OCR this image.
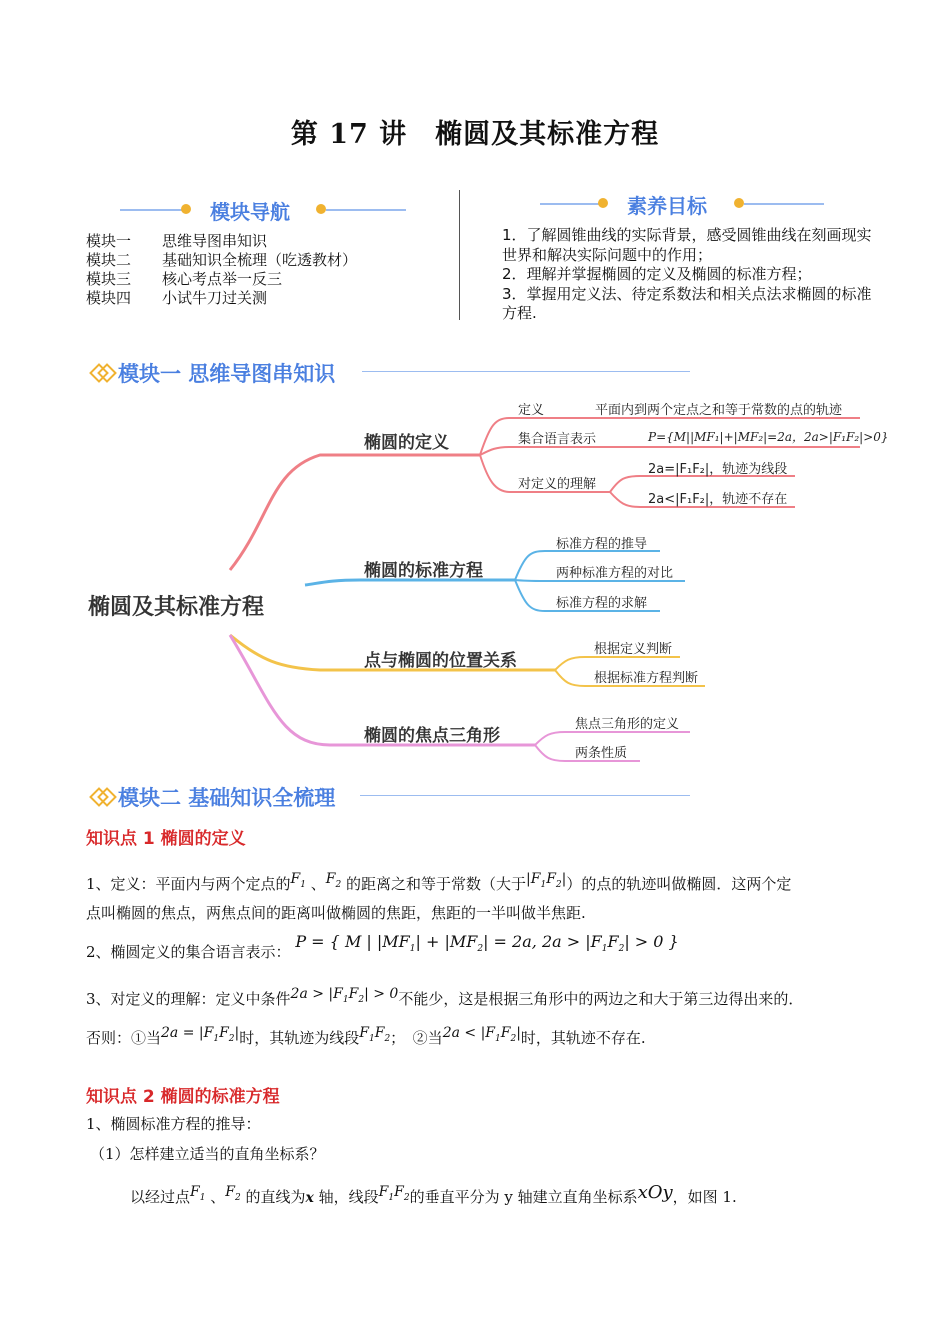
第 17 讲　椭圆及其标准方程
模块导航
模块一 思维导图串知识
模块二 基础知识全梳理（吃透教材）
模块三 核心考点举一反三
模块四 小试牛刀过关测
素养目标
1．了解圆锥曲线的实际背景，感受圆锥曲线在刻画现实世界和解决实际问题中的作用；
2．理解并掌握椭圆的定义及椭圆的标准方程；
3．掌握用定义法、待定系数法和相关点法求椭圆的标准方程.
模块一 思维导图串知识
椭圆及其标准方程
椭圆的定义
定义	平面内到两个定点之和等于常数的点的轨迹
集合语言表示	P={M||MF₁|+|MF₂|=2a，2a>|F₁F₂|>0}
对定义的理解
2a=|F₁F₂|，轨迹为线段
2a<|F₁F₂|，轨迹不存在
椭圆的标准方程
标准方程的推导
两种标准方程的对比
标准方程的求解
点与椭圆的位置关系
根据定义判断
根据标准方程判断
椭圆的焦点三角形
焦点三角形的定义
两条性质
模块二 基础知识全梳理
知识点 1 椭圆的定义
1、定义：平面内与两个定点的$F_1$ 、$F_2$ 的距离之和等于常数（大于$|F_1F_2|$）的点的轨迹叫做椭圆．这两个定
点叫椭圆的焦点，两焦点间的距离叫做椭圆的焦距，焦距的一半叫做半焦距.
2、椭圆定义的集合语言表示： P = { M | $|MF_1| + |MF_2| = 2a$, $2a > |F_1F_2| > 0$ }
3、对定义的理解：定义中条件$2a > |F_1F_2| > 0$不能少，这是根据三角形中的两边之和大于第三边得出来的．
否则：①当$2a = |F_1F_2|$时，其轨迹为线段$F_1F_2$；　②当$2a < |F_1F_2|$时，其轨迹不存在.
知识点 2 椭圆的标准方程
1、椭圆标准方程的推导：
（1）怎样建立适当的直角坐标系？
以经过点$F_1$ 、$F_2$ 的直线为x 轴，线段$F_1F_2$的垂直平分为 y 轴建立直角坐标系xOy，如图 1.
